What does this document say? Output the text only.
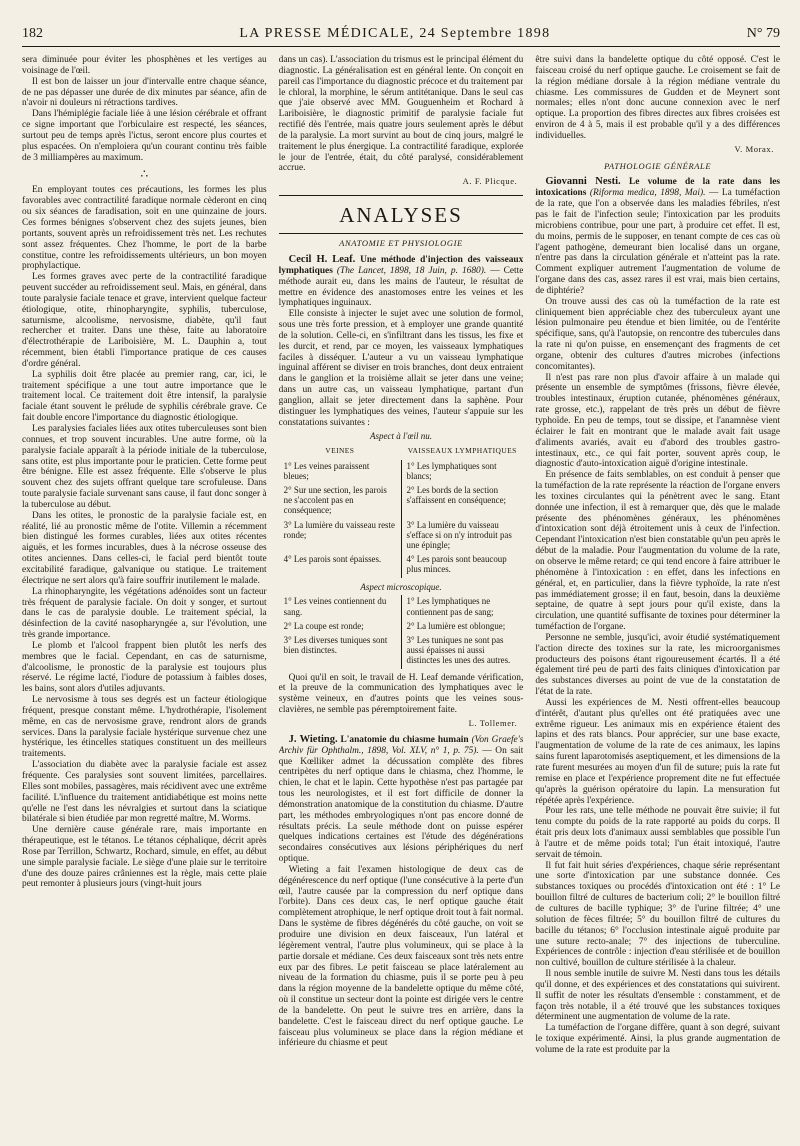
182	LA PRESSE MÉDICALE, 24 Septembre 1898	N° 79

sera diminuée pour éviter les phosphènes et les vertiges au voisinage de l'œil.

Il est bon de laisser un jour d'intervalle entre chaque séance, de ne pas dépasser une durée de dix minutes par séance, afin de n'avoir ni douleurs ni rétractions tardives.

Dans l'hémiplégie faciale liée à une lésion cérébrale et offrant ce signe important que l'orbiculaire est respecté, les séances, surtout peu de temps après l'ictus, seront encore plus courtes et plus espacées. On n'emploiera qu'un courant continu très faible de 3 milliampères au maximum.

∴

En employant toutes ces précautions, les formes les plus favorables avec contractilité faradique normale cèderont en cinq ou six séances de faradisation, soit en une quinzaine de jours. Ces formes bénignes s'observent chez des sujets jeunes, bien portants, souvent après un refroidissement très net. Les rechutes sont assez fréquentes. Chez l'homme, le port de la barbe constitue, contre les refroidissements ultérieurs, un bon moyen prophylactique.

Les formes graves avec perte de la contractilité faradique peuvent succéder au refroidissement seul. Mais, en général, dans toute paralysie faciale tenace et grave, intervient quelque facteur étiologique, otite, rhinopharyngite, syphilis, tuberculose, saturnisme, alcoolisme, nervosisme, diabète, qu'il faut rechercher et traiter. Dans une thèse, faite au laboratoire d'électrothérapie de Lariboisière, M. L. Dauphin a, tout récemment, bien établi l'importance pratique de ces causes d'ordre général.

La syphilis doit être placée au premier rang, car, ici, le traitement spécifique a une tout autre importance que le traitement local. Ce traitement doit être intensif, la paralysie faciale étant souvent le prélude de syphilis cérébrale grave. Ce fait double encore l'importance du diagnostic étiologique.

Les paralysies faciales liées aux otites tuberculeuses sont bien connues, et trop souvent incurables. Une autre forme, où la paralysie faciale apparaît à la période initiale de la tuberculose, sans otite, est plus importante pour le praticien. Cette forme peut être bénigne. Elle est assez fréquente. Elle s'observe le plus souvent chez des sujets offrant quelque tare scrofuleuse. Dans toute paralysie faciale survenant sans cause, il faut donc songer à la tuberculose au début.

Dans les otites, le pronostic de la paralysie faciale est, en réalité, lié au pronostic même de l'otite. Villemin a récemment bien distingué les formes curables, liées aux otites récentes aiguës, et les formes incurables, dues à la nécrose osseuse des otites anciennes. Dans celles-ci, le facial perd bientôt toute excitabilité faradique, galvanique ou statique. Le traitement électrique ne sert alors qu'à faire souffrir inutilement le malade.

La rhinopharyngite, les végétations adénoïdes sont un facteur très fréquent de paralysie faciale. On doit y songer, et surtout dans le cas de paralysie double. Le traitement spécial, la désinfection de la cavité nasopharyngée a, sur l'évolution, une très grande importance.

Le plomb et l'alcool frappent bien plutôt les nerfs des membres que le facial. Cependant, en cas de saturnisme, d'alcoolisme, le pronostic de la paralysie est toujours plus réservé. Le régime lacté, l'iodure de potassium à faibles doses, les bains, sont alors d'utiles adjuvants.

Le nervosisme à tous ses degrés est un facteur étiologique fréquent, presque constant même. L'hydrothérapie, l'isolement même, en cas de nervosisme grave, rendront alors de grands services. Dans la paralysie faciale hystérique survenue chez une hystérique, les étincelles statiques constituent un des meilleurs traitements.

L'association du diabète avec la paralysie faciale est assez fréquente. Ces paralysies sont souvent limitées, parcellaires. Elles sont mobiles, passagères, mais récidivent avec une extrême facilité. L'influence du traitement antidiabétique est moins nette qu'elle ne l'est dans les névralgies et surtout dans la sciatique bilatérale si bien étudiée par mon regretté maître, M. Worms.

Une dernière cause générale rare, mais importante en thérapeutique, est le tétanos. Le tétanos céphalique, décrit après Rose par Terrillon, Schwartz, Rochard, simule, en effet, au début une simple paralysie faciale. Le siège d'une plaie sur le territoire d'une des douze paires crâniennes est la règle, mais cette plaie peut remonter à plusieurs jours (vingt-huit jours

dans un cas). L'association du trismus est le principal élément du diagnostic. La généralisation est en général lente. On conçoit en pareil cas l'importance du diagnostic précoce et du traitement par le chloral, la morphine, le sérum antitétanique. Dans le seul cas que j'aie observé avec MM. Gouguenheim et Rochard à Lariboisière, le diagnostic primitif de paralysie faciale fut rectifié dès l'entrée, mais quatre jours seulement après le début de la paralysie. La mort survint au bout de cinq jours, malgré le traitement le plus énergique. La contractilité faradique, explorée le jour de l'entrée, était, du côté paralysé, considérablement accrue.

A. F. Plicque.
ANALYSES
ANATOMIE ET PHYSIOLOGIE

Cecil H. Leaf. Une méthode d'injection des vaisseaux lymphatiques (The Lancet, 1898, 18 Juin, p. 1680). — Cette méthode aurait eu, dans les mains de l'auteur, le résultat de mettre en évidence des anastomoses entre les veines et les lymphatiques inguinaux.

Elle consiste à injecter le sujet avec une solution de formol, sous une très forte pression, et à employer une grande quantité de la solution. Celle-ci, en s'infiltrant dans les tissus, les fixe et les durcit, et rend, par ce moyen, les vaisseaux lymphatiques faciles à disséquer. L'auteur a vu un vaisseau lymphatique inguinal afférent se diviser en trois branches, dont deux entraient dans le ganglion et la troisième allait se jeter dans une veine; dans un autre cas, un vaisseau lymphatique, partant d'un ganglion, allait se jeter directement dans la saphène. Pour distinguer les lymphatiques des veines, l'auteur s'appuie sur les constatations suivantes :

Aspect à l'œil nu.
VEINES	VAISSEAUX LYMPHATIQUES
1° Les veines paraissent bleues;	1° Les lymphatiques sont blancs;
2° Sur une section, les parois ne s'accolent pas en conséquence;	2° Les bords de la section s'affaissent en conséquence;
3° La lumière du vaisseau reste ronde;	3° La lumière du vaisseau s'efface si on n'y introduit pas une épingle;
4° Les parois sont épaisses.	4° Les parois sont beaucoup plus minces.
Aspect microscopique.
1° Les veines contiennent du sang.	1° Les lymphatiques ne contiennent pas de sang;
2° La coupe est ronde;	2° La lumière est oblongue;
3° Les diverses tuniques sont bien distinctes.	3° Les tuniques ne sont pas aussi épaisses ni aussi distinctes les unes des autres.

Quoi qu'il en soit, le travail de H. Leaf demande vérification, et la preuve de la communication des lymphatiques avec le système veineux, en d'autres points que les veines sous-clavières, ne semble pas péremptoirement faite.

L. Tollemer.

J. Wieting. L'anatomie du chiasme humain (Von Graefe's Archiv für Ophthalm., 1898, Vol. XLV, n° 1, p. 75). — On sait que Kœlliker admet la décussation complète des fibres centripètes du nerf optique dans le chiasma, chez l'homme, le chien, le chat et le lapin. Cette hypothèse n'est pas partagée par tous les neurologistes, et il est fort difficile de donner la démonstration anatomique de la constitution du chiasme. D'autre part, les méthodes embryologiques n'ont pas encore donné de résultats précis. La seule méthode dont on puisse espérer quelques indications certaines est l'étude des dégénérations secondaires consécutives aux lésions périphériques du nerf optique.

Wieting a fait l'examen histologique de deux cas de dégénérescence du nerf optique (l'une consécutive à la perte d'un œil, l'autre causée par la compression du nerf optique dans l'orbite). Dans ces deux cas, le nerf optique gauche était complètement atrophique, le nerf optique droit tout à fait normal. Dans le système de fibres dégénérés du côté gauche, on voit se produire une division en deux faisceaux, l'un latéral et légèrement ventral, l'autre plus volumineux, qui se place à la partie dorsale et médiane. Ces deux faisceaux sont très nets entre eux par des fibres. Le petit faisceau se place latéralement au niveau de la formation du chiasme, puis il se porte peu à peu dans la région moyenne de la bandelette optique du même côté, où il constitue un secteur dont la pointe est dirigée vers le centre de la bandelette. On peut le suivre tres en arrière, dans la bandelette. C'est le faisceau direct du nerf optique gauche. Le faisceau plus volumineux se place dans la région médiane et inférieure du chiasme et peut

être suivi dans la bandelette optique du côté opposé. C'est le faisceau croisé du nerf optique gauche. Le croisement se fait de la région médiane dorsale à la région médiane ventrale du chiasme. Les commissures de Gudden et de Meynert sont normales; elles n'ont donc aucune connexion avec le nerf optique. La proportion des fibres directes aux fibres croisées est environ de 4 à 5, mais il est probable qu'il y a des différences individuelles.

V. Morax.
PATHOLOGIE GÉNÉRALE

Giovanni Nesti. Le volume de la rate dans les intoxications (Riforma medica, 1898, Mai). — La tuméfaction de la rate, que l'on a observée dans les maladies fébriles, n'est pas le fait de l'infection seule; l'intoxication par les produits microbiens contribue, pour une part, à produire cet effet. Il est, du moins, permis de le supposer, en tenant compte de ces cas où l'agent pathogène, demeurant bien localisé dans un organe, n'entre pas dans la circulation générale et n'atteint pas la rate. Comment expliquer autrement l'augmentation de volume de l'organe dans des cas, assez rares il est vrai, mais bien certains, de diphtérie?

On trouve aussi des cas où la tuméfaction de la rate est cliniquement bien appréciable chez des tuberculeux ayant une lésion pulmonaire peu étendue et bien limitée, ou de l'entérite spécifique, sans, qu'à l'autopsie, on rencontre des tubercules dans la rate ni qu'on puisse, en ensemençant des fragments de cet organe, obtenir des cultures d'autres microbes (infections concomitantes).

Il n'est pas rare non plus d'avoir affaire à un malade qui présente un ensemble de symptômes (frissons, fièvre élevée, troubles intestinaux, éruption cutanée, phénomènes généraux, rate grosse, etc.), rappelant de très près un début de fièvre typhoïde. En peu de temps, tout se dissipe, et l'anamnèse vient éclairer le fait en montrant que le malade avait fait usage d'aliments avariés, avait eu d'abord des troubles gastro-intestinaux, etc., ce qui fait porter, souvent après coup, le diagnostic d'auto-intoxication aiguë d'origine intestinale.

En présence de faits semblables, on est conduit à penser que la tuméfaction de la rate représente la réaction de l'organe envers les toxines circulantes qui la pénètrent avec le sang. Etant donnée une infection, il est à remarquer que, dès que le malade présente des phénomènes généraux, les phénomènes d'intoxication sont déjà étroitement unis à ceux de l'infection. Cependant l'intoxication n'est bien constatable qu'un peu après le début de la maladie. Pour l'augmentation du volume de la rate, on observe le même retard; ce qui tend encore à faire attribuer le phénomène à l'intoxication : en effet, dans les infections en général, et, en particulier, dans la fièvre typhoïde, la rate n'est pas immédiatement grosse; il en faut, besoin, dans la deuxième septaine, de quatre à sept jours pour qu'il existe, dans la circulation, une quantité suffisante de toxines pour déterminer la tuméfaction de l'organe.

Personne ne semble, jusqu'ici, avoir étudié systématiquement l'action directe des toxines sur la rate, les microorganismes producteurs des poisons étant rigoureusement écartés. Il a été également tiré peu de parti des faits cliniques d'intoxication par des substances diverses au point de vue de la constatation de l'état de la rate.

Aussi les expériences de M. Nesti offrent-elles beaucoup d'intérêt, d'autant plus qu'elles ont été pratiquées avec une extrême rigueur. Les animaux mis en expérience étaient des lapins et des rats blancs. Pour apprécier, sur une base exacte, l'augmentation de volume de la rate de ces animaux, les lapins sains furent laparotomisés aseptiquement, et les dimensions de la rate furent mesurées au moyen d'un fil de suture; puis la rate fut remise en place et l'expérience proprement dite ne fut effectuée qu'après la guérison opératoire du lapin. La mensuration fut répétée après l'expérience.

Pour les rats, une telle méthode ne pouvait être suivie; il fut tenu compte du poids de la rate rapporté au poids du corps. Il était pris deux lots d'animaux aussi semblables que possible l'un à l'autre et de même poids total; l'un était intoxiqué, l'autre servait de témoin.

Il fut fait huit séries d'expériences, chaque série représentant une sorte d'intoxication par une substance donnée. Ces substances toxiques ou procédés d'intoxication ont été : 1° Le bouillon filtré de cultures de bacterium coli; 2° le bouillon filtré de cultures de bacille typhique; 3° de l'urine filtrée; 4° une solution de fèces filtrée; 5° du bouillon filtré de cultures du bacille du tétanos; 6° l'occlusion intestinale aiguë produite par une suture recto-anale; 7° des injections de tuberculine. Expériences de contrôle : injection d'eau stérilisée et de bouillon non cultivé, bouillon de culture stérilisée à la chaleur.

Il nous semble inutile de suivre M. Nesti dans tous les détails qu'il donne, et des expériences et des constatations qui suivirent. Il suffit de noter les résultats d'ensemble : constamment, et de façon très notable, il a été trouvé que les substances toxiques déterminent une augmentation de volume de la rate.

La tuméfaction de l'organe diffère, quant à son degré, suivant le toxique expérimenté. Ainsi, la plus grande augmentation de volume de la rate est produite par la
